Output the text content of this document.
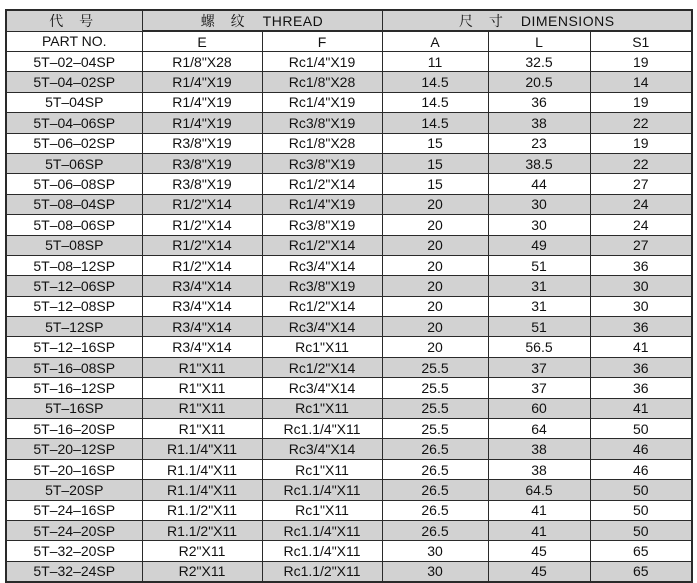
代 号	螺 纹 THREAD		尺 寸 DIMENSIONS		
PART NO.	E	F	A	L	S1
5T–02–04SP	R1/8"X28	Rc1/4"X19	11	32.5	19
5T–04–02SP	R1/4"X19	Rc1/8"X28	14.5	20.5	14
5T–04SP	R1/4"X19	Rc1/4"X19	14.5	36	19
5T–04–06SP	R1/4"X19	Rc3/8"X19	14.5	38	22
5T–06–02SP	R3/8"X19	Rc1/8"X28	15	23	19
5T–06SP	R3/8"X19	Rc3/8"X19	15	38.5	22
5T–06–08SP	R3/8"X19	Rc1/2"X14	15	44	27
5T–08–04SP	R1/2"X14	Rc1/4"X19	20	30	24
5T–08–06SP	R1/2"X14	Rc3/8"X19	20	30	24
5T–08SP	R1/2"X14	Rc1/2"X14	20	49	27
5T–08–12SP	R1/2"X14	Rc3/4"X14	20	51	36
5T–12–06SP	R3/4"X14	Rc3/8"X19	20	31	30
5T–12–08SP	R3/4"X14	Rc1/2"X14	20	31	30
5T–12SP	R3/4"X14	Rc3/4"X14	20	51	36
5T–12–16SP	R3/4"X14	Rc1"X11	20	56.5	41
5T–16–08SP	R1"X11	Rc1/2"X14	25.5	37	36
5T–16–12SP	R1"X11	Rc3/4"X14	25.5	37	36
5T–16SP	R1"X11	Rc1"X11	25.5	60	41
5T–16–20SP	R1"X11	Rc1.1/4"X11	25.5	64	50
5T–20–12SP	R1.1/4"X11	Rc3/4"X14	26.5	38	46
5T–20–16SP	R1.1/4"X11	Rc1"X11	26.5	38	46
5T–20SP	R1.1/4"X11	Rc1.1/4"X11	26.5	64.5	50
5T–24–16SP	R1.1/2"X11	Rc1"X11	26.5	41	50
5T–24–20SP	R1.1/2"X11	Rc1.1/4"X11	26.5	41	50
5T–32–20SP	R2"X11	Rc1.1/4"X11	30	45	65
5T–32–24SP	R2"X11	Rc1.1/2"X11	30	45	65
